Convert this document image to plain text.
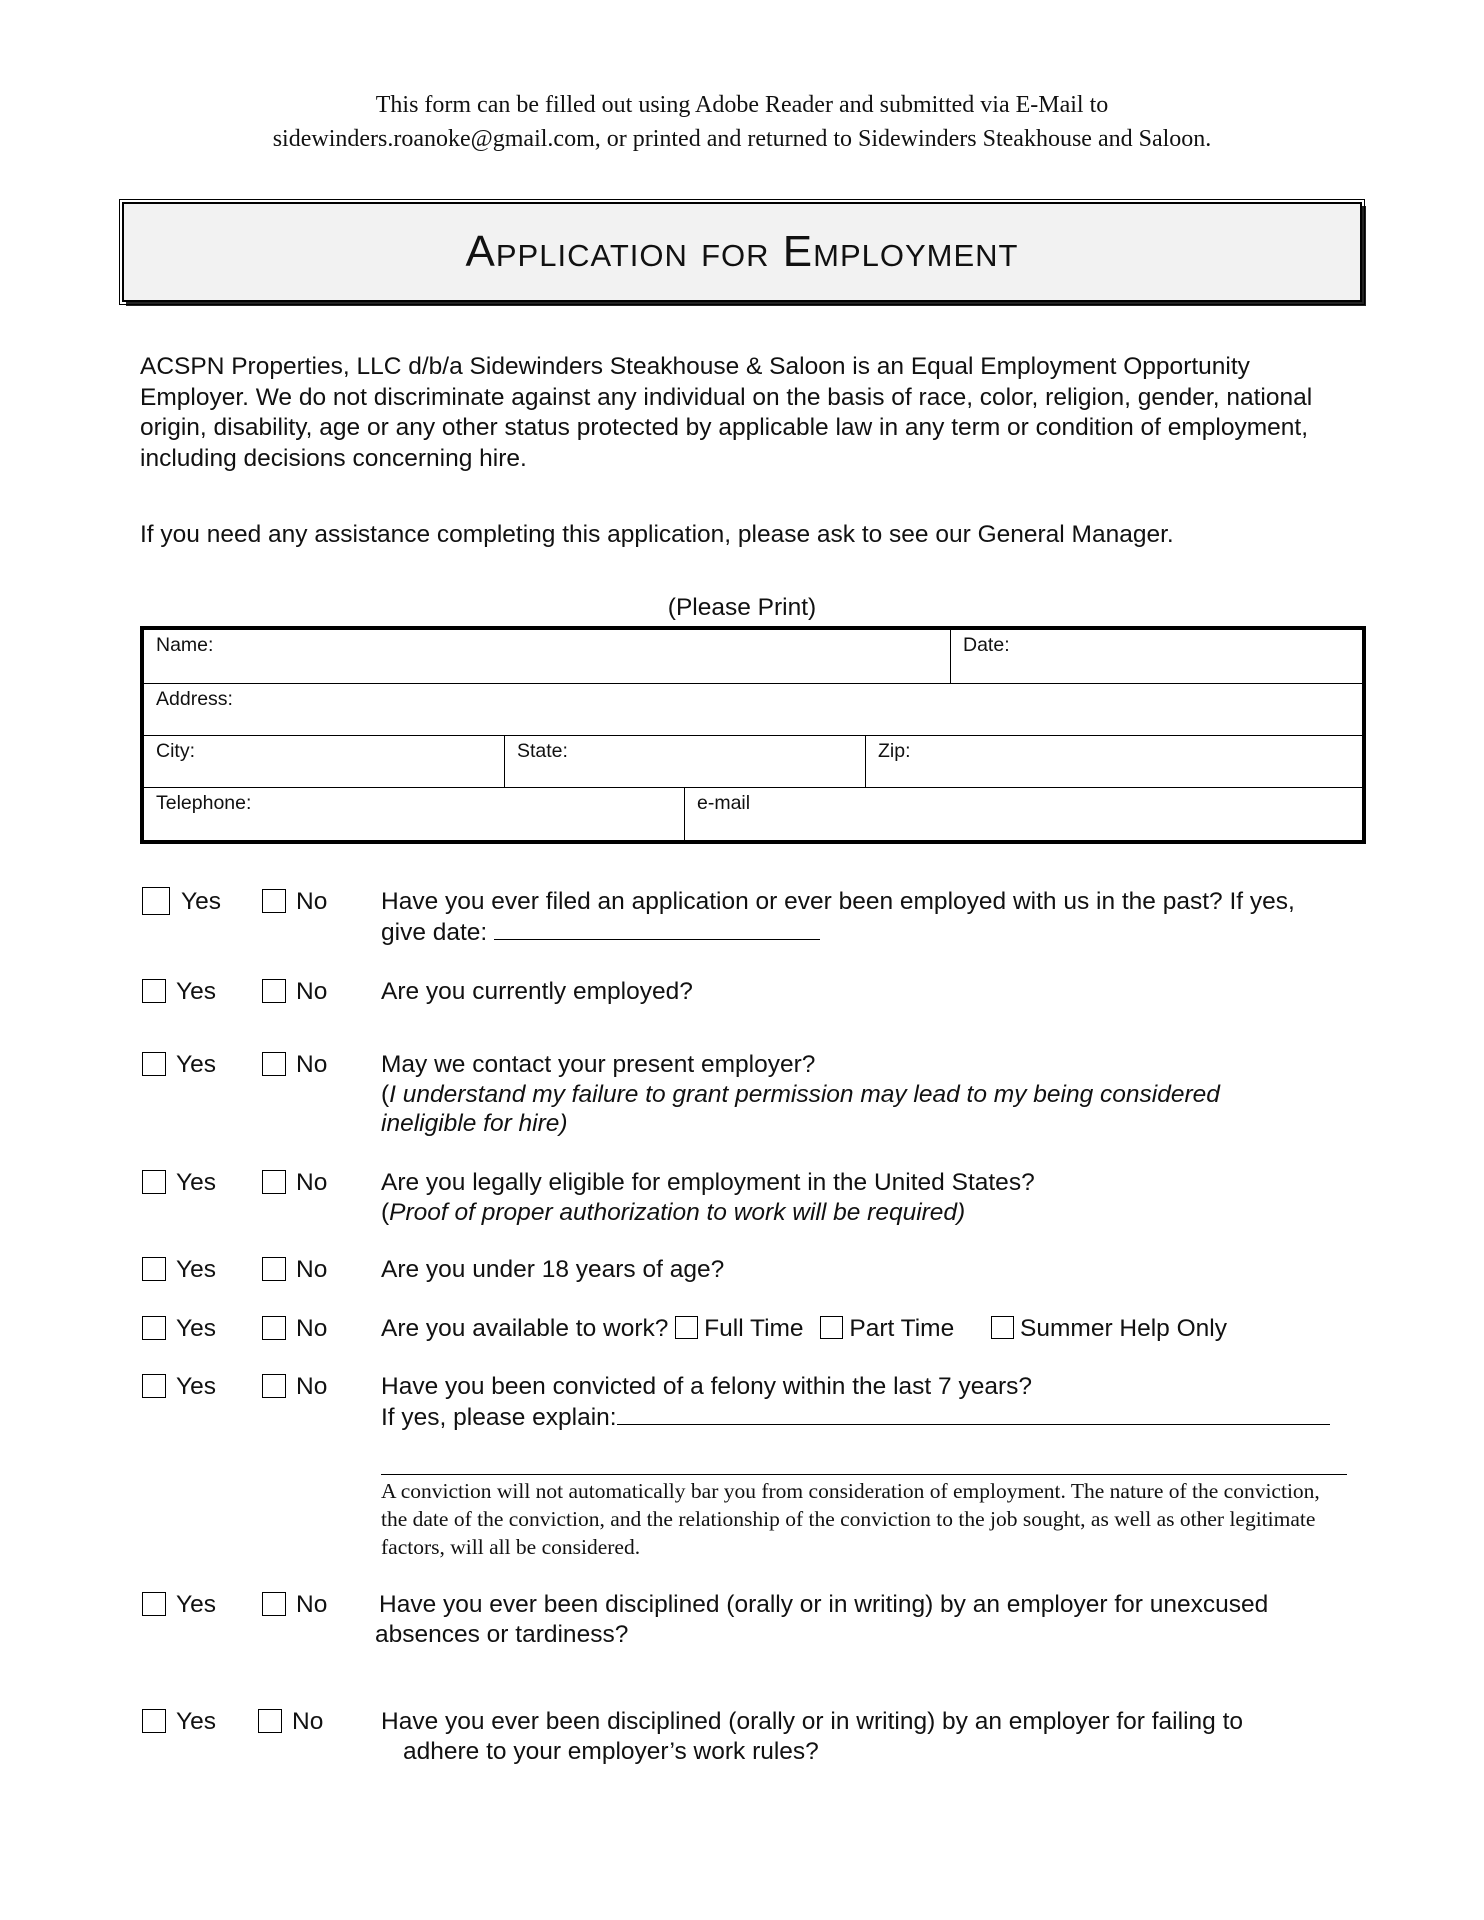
This form can be filled out using Adobe Reader and submitted via E-Mail to
sidewinders.roanoke@gmail.com, or printed and returned to Sidewinders Steakhouse and Saloon.
Application for Employment
ACSPN Properties, LLC d/b/a Sidewinders Steakhouse & Saloon is an Equal Employment Opportunity Employer. We do not discriminate against any individual on the basis of race, color, religion, gender, national origin, disability, age or any other status protected by applicable law in any term or condition of employment, including decisions concerning hire.
If you need any assistance completing this application, please ask to see our General Manager.
(Please Print)
Name:	Date:
Address:
City:	State:	Zip:
Telephone:	e-mail
Yes	No Have you ever filed an application or ever been employed with us in the past? If yes,
give date:
Yes	No Are you currently employed?
Yes	No May we contact your present employer?
(I understand my failure to grant permission may lead to my being considered ineligible for hire)
Yes	No Are you legally eligible for employment in the United States?
(Proof of proper authorization to work will be required)
Yes	No Are you under 18 years of age?
Yes	No Are you available to work? Full Time Part Time	Summer Help Only
Yes	No Have you been convicted of a felony within the last 7 years?
If yes, please explain:
A conviction will not automatically bar you from consideration of employment. The nature of the conviction, the date of the conviction, and the relationship of the conviction to the job sought, as well as other legitimate factors, will all be considered.
Yes	No Have you ever been disciplined (orally or in writing) by an employer for unexcused
absences or tardiness?
Yes	No Have you ever been disciplined (orally or in writing) by an employer for failing to
adhere to your employer’s work rules?
